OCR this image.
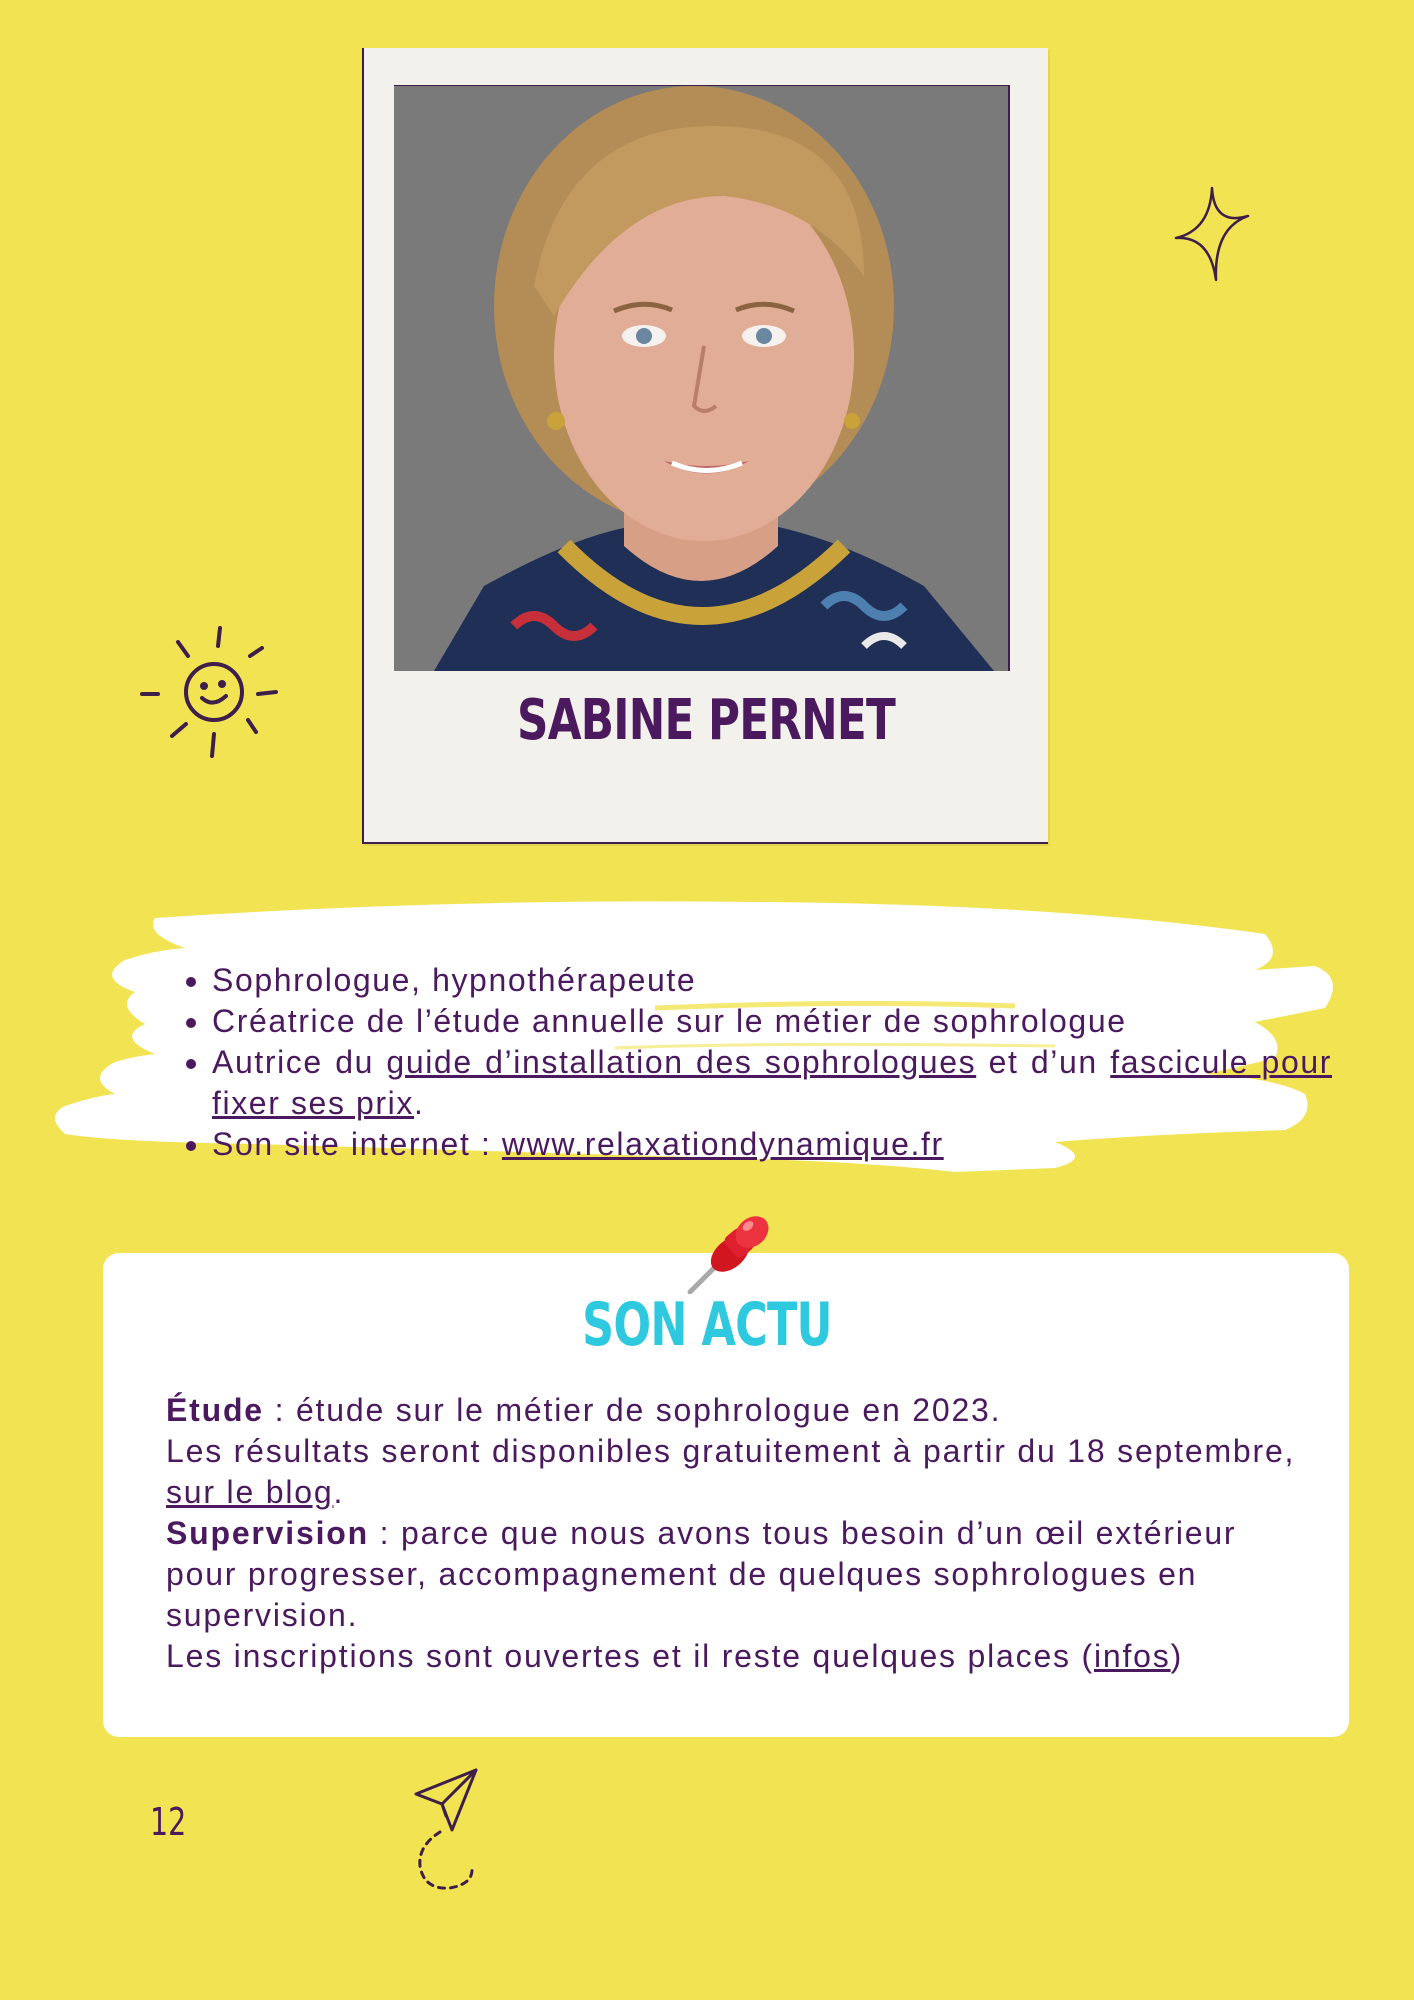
SABINE PERNET
• Sophrologue, hypnothérapeute
• Créatrice de l’étude annuelle sur le métier de sophrologue
• Autrice du guide d’installation des sophrologues et d’un fascicule pour fixer ses prix.
• Son site internet : www.relaxationdynamique.fr
SON ACTU

Étude : étude sur le métier de sophrologue en 2023.

Les résultats seront disponibles gratuitement à partir du 18 septembre, sur le blog.

Supervision : parce que nous avons tous besoin d’un œil extérieur pour progresser, accompagnement de quelques sophrologues en supervision.

Les inscriptions sont ouvertes et il reste quelques places (infos)

12
